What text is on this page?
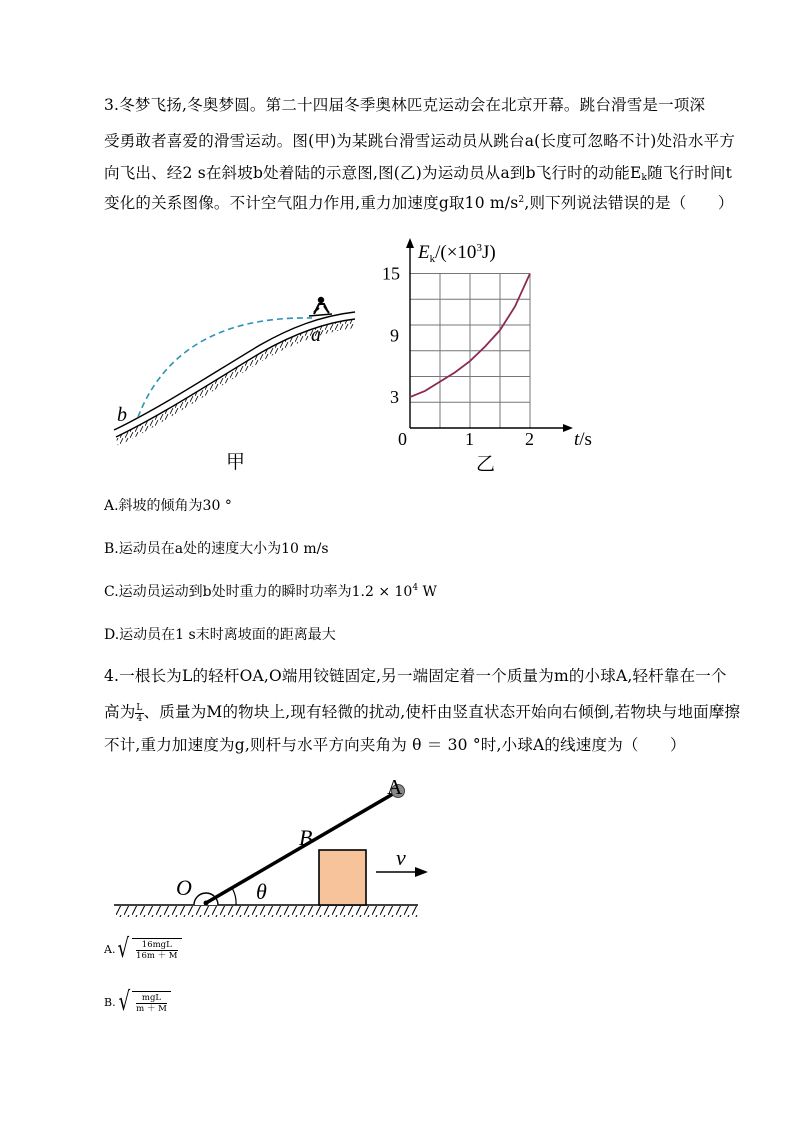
3.冬梦飞扬,冬奥梦圆。第二十四届冬季奥林匹克运动会在北京开幕。跳台滑雪是一项深
受勇敢者喜爱的滑雪运动。图(甲)为某跳台滑雪运动员从跳台a(长度可忽略不计)处沿水平方
向飞出、经2 s在斜坡b处着陆的示意图,图(乙)为运动员从a到b飞行时的动能$E_k$随飞行时间t
变化的关系图像。不计空气阻力作用,重力加速度g取10 $m/s^2$,则下列说法错误的是（　　）
a
b
甲
$E_k/(\times 10^3J)$
0
3
9
15
1	2 t/s
乙
A.斜坡的倾角为30 °
B.运动员在a处的速度大小为10 m/s
C.运动员运动到b处时重力的瞬时功率为$1.2 \times 10^4$ W
D.运动员在1 s末时离坡面的距离最大
4.一根长为L的轻杆OA,O端用铰链固定,另一端固定着一个质量为m的小球A,轻杆靠在一个
高为 $\frac{L}{4}$ 、质量为M的物块上,现有轻微的扰动,使杆由竖直状态开始向右倾倒,若物块与地面摩擦
不计,重力加速度为g,则杆与水平方向夹角为 θ ＝ 30 °时,小球A的线速度为（　　）
O
B
A
θ
v
A. √ $\frac{\text{16mgL}}{16m + M}$
B. √ $\frac{\text{mgL}}{m + M}$
